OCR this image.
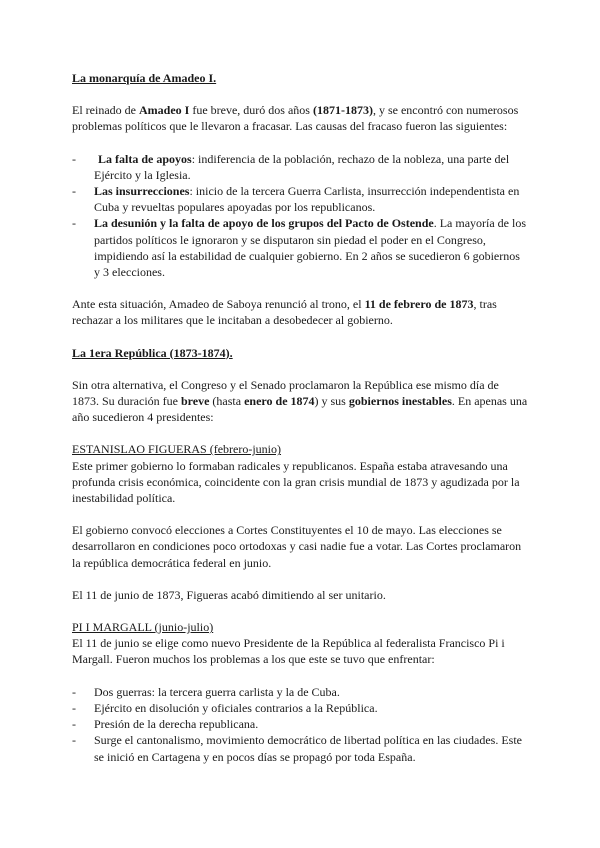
La monarquía de Amadeo I.

El reinado de Amadeo I fue breve, duró dos años (1871-1873), y se encontró con numerosos problemas políticos que le llevaron a fracasar. Las causas del fracaso fueron las siguientes:

- La falta de apoyos: indiferencia de la población, rechazo de la nobleza, una parte del Ejército y la Iglesia.
- Las insurrecciones: inicio de la tercera Guerra Carlista, insurrección independentista en Cuba y revueltas populares apoyadas por los republicanos.
- La desunión y la falta de apoyo de los grupos del Pacto de Ostende. La mayoría de los partidos políticos le ignoraron y se disputaron sin piedad el poder en el Congreso, impidiendo así la estabilidad de cualquier gobierno. En 2 años se sucedieron 6 gobiernos y 3 elecciones.

Ante esta situación, Amadeo de Saboya renunció al trono, el 11 de febrero de 1873, tras rechazar a los militares que le incitaban a desobedecer al gobierno.

La 1era República (1873-1874).

Sin otra alternativa, el Congreso y el Senado proclamaron la República ese mismo día de 1873. Su duración fue breve (hasta enero de 1874) y sus gobiernos inestables. En apenas una año sucedieron 4 presidentes:

ESTANISLAO FIGUERAS (febrero-junio)

Este primer gobierno lo formaban radicales y republicanos. España estaba atravesando una profunda crisis económica, coincidente con la gran crisis mundial de 1873 y agudizada por la inestabilidad política.

El gobierno convocó elecciones a Cortes Constituyentes el 10 de mayo. Las elecciones se desarrollaron en condiciones poco ortodoxas y casi nadie fue a votar. Las Cortes proclamaron la república democrática federal en junio.

El 11 de junio de 1873, Figueras acabó dimitiendo al ser unitario.

PI I MARGALL (junio-julio)

El 11 de junio se elige como nuevo Presidente de la República al federalista Francisco Pi i Margall. Fueron muchos los problemas a los que este se tuvo que enfrentar:

- Dos guerras: la tercera guerra carlista y la de Cuba.
- Ejército en disolución y oficiales contrarios a la República.
- Presión de la derecha republicana.
- Surge el cantonalismo, movimiento democrático de libertad política en las ciudades. Este se inició en Cartagena y en pocos días se propagó por toda España.
